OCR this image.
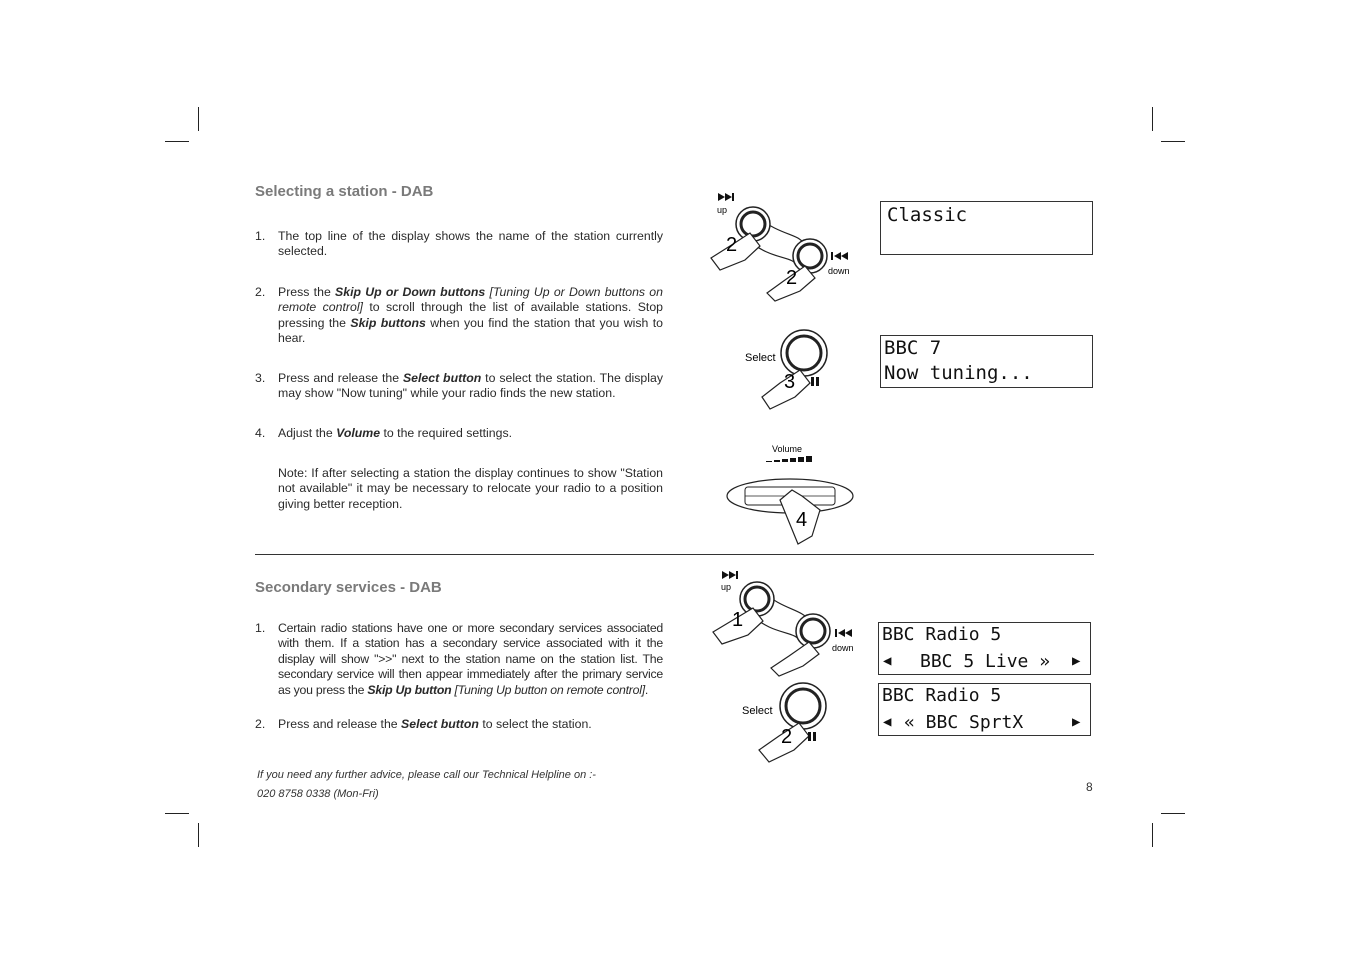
Selecting a station - DAB
1. The top line of the display shows the name of the station currently selected.
2. Press the Skip Up or Down buttons [Tuning Up or Down buttons on remote control] to scroll through the list of available stations. Stop pressing the Skip buttons when you find the station that you wish to hear.
3. Press and release the Select button to select the station. The display may show "Now tuning" while your radio finds the new station.
4. Adjust the Volume to the required settings.
Note: If after selecting a station the display continues to show "Station not available" it may be necessary to relocate your radio to a position giving better reception.
Secondary services - DAB
1. Certain radio stations have one or more secondary services associated with them. If a station has a secondary service associated with it the display will show ">>" next to the station name on the station list. The secondary service will then appear immediately after the primary service as you press the Skip Up button [Tuning Up button on remote control].
2. Press and release the Select button to select the station.
If you need any further advice, please call our Technical Helpline on :-
020 8758 0338 (Mon-Fri)	8
up
down
2
2
Select
3
Volume
4
up
down
1
Select
2
Classic
BBC 7
Now tuning...
BBC Radio 5
◀ BBC 5 Live » ▶
BBC Radio 5
◀ « BBC SprtX	▶
